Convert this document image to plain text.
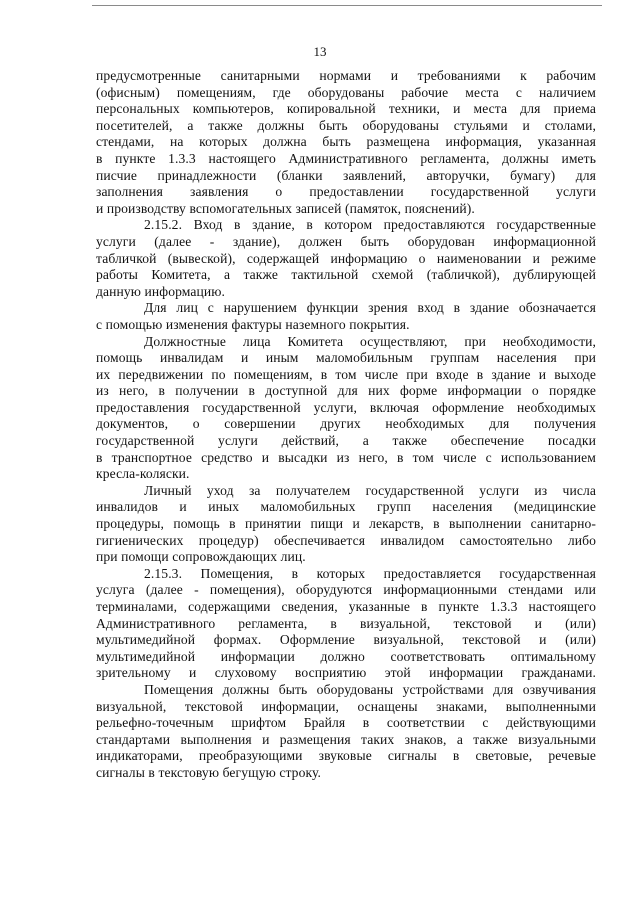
13
предусмотренные санитарными нормами и требованиями к рабочим
(офисным) помещениям, где оборудованы рабочие места с наличием
персональных компьютеров, копировальной техники, и места для приема
посетителей, а также должны быть оборудованы стульями и столами,
стендами, на которых должна быть размещена информация, указанная
в пункте 1.3.3 настоящего Административного регламента, должны иметь
писчие принадлежности (бланки заявлений, авторучки, бумагу) для
заполнения заявления о предоставлении государственной услуги
и производству вспомогательных записей (памяток, пояснений).
2.15.2. Вход в здание, в котором предоставляются государственные
услуги (далее - здание), должен быть оборудован информационной
табличкой (вывеской), содержащей информацию о наименовании и режиме
работы Комитета, а также тактильной схемой (табличкой), дублирующей
данную информацию.
Для лиц с нарушением функции зрения вход в здание обозначается
с помощью изменения фактуры наземного покрытия.
Должностные лица Комитета осуществляют, при необходимости,
помощь инвалидам и иным маломобильным группам населения при
их передвижении по помещениям, в том числе при входе в здание и выходе
из него, в получении в доступной для них форме информации о порядке
предоставления государственной услуги, включая оформление необходимых
документов, о совершении других необходимых для получения
государственной услуги действий, а также обеспечение посадки
в транспортное средство и высадки из него, в том числе с использованием
кресла-коляски.
Личный уход за получателем государственной услуги из числа
инвалидов и иных маломобильных групп населения (медицинские
процедуры, помощь в принятии пищи и лекарств, в выполнении санитарно-
гигиенических процедур) обеспечивается инвалидом самостоятельно либо
при помощи сопровождающих лиц.
2.15.3. Помещения, в которых предоставляется государственная
услуга (далее - помещения), оборудуются информационными стендами или
терминалами, содержащими сведения, указанные в пункте 1.3.3 настоящего
Административного регламента, в визуальной, текстовой и (или)
мультимедийной формах. Оформление визуальной, текстовой и (или)
мультимедийной информации должно соответствовать оптимальному
зрительному и слуховому восприятию этой информации гражданами.
Помещения должны быть оборудованы устройствами для озвучивания
визуальной, текстовой информации, оснащены знаками, выполненными
рельефно-точечным шрифтом Брайля в соответствии с действующими
стандартами выполнения и размещения таких знаков, а также визуальными
индикаторами, преобразующими звуковые сигналы в световые, речевые
сигналы в текстовую бегущую строку.
